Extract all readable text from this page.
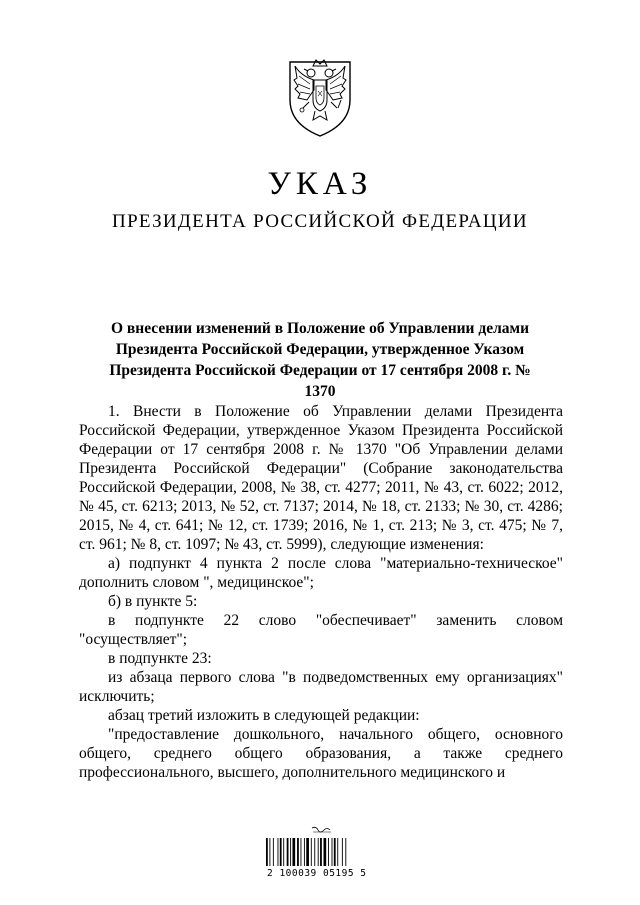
УКАЗ
ПРЕЗИДЕНТА РОССИЙСКОЙ ФЕДЕРАЦИИ
О внесении изменений в Положение об Управлении делами
Президента Российской Федерации, утвержденное Указом
Президента Российской Федерации от 17 сентября 2008 г. № 1370

1. Внести в Положение об Управлении делами Президента Российской Федерации, утвержденное Указом Президента Российской Федерации от 17 сентября 2008 г. № 1370 "Об Управлении делами Президента Российской Федерации" (Собрание законодательства Российской Федерации, 2008, № 38, ст. 4277; 2011, № 43, ст. 6022; 2012, № 45, ст. 6213; 2013, № 52, ст. 7137; 2014, № 18, ст. 2133; № 30, ст. 4286; 2015, № 4, ст. 641; № 12, ст. 1739; 2016, № 1, ст. 213; № 3, ст. 475; № 7, ст. 961; № 8, ст. 1097; № 43, ст. 5999), следующие изменения:

а) подпункт 4 пункта 2 после слова "материально-техническое" дополнить словом ", медицинское";

б) в пункте 5:

в подпункте 22 слово "обеспечивает" заменить словом "осуществляет";

в подпункте 23:

из абзаца первого слова "в подведомственных ему организациях" исключить;

абзац третий изложить в следующей редакции:

"предоставление дошкольного, начального общего, основного общего, среднего общего образования, а также среднего профессионального, высшего, дополнительного медицинского и

2 100039 05195 5
